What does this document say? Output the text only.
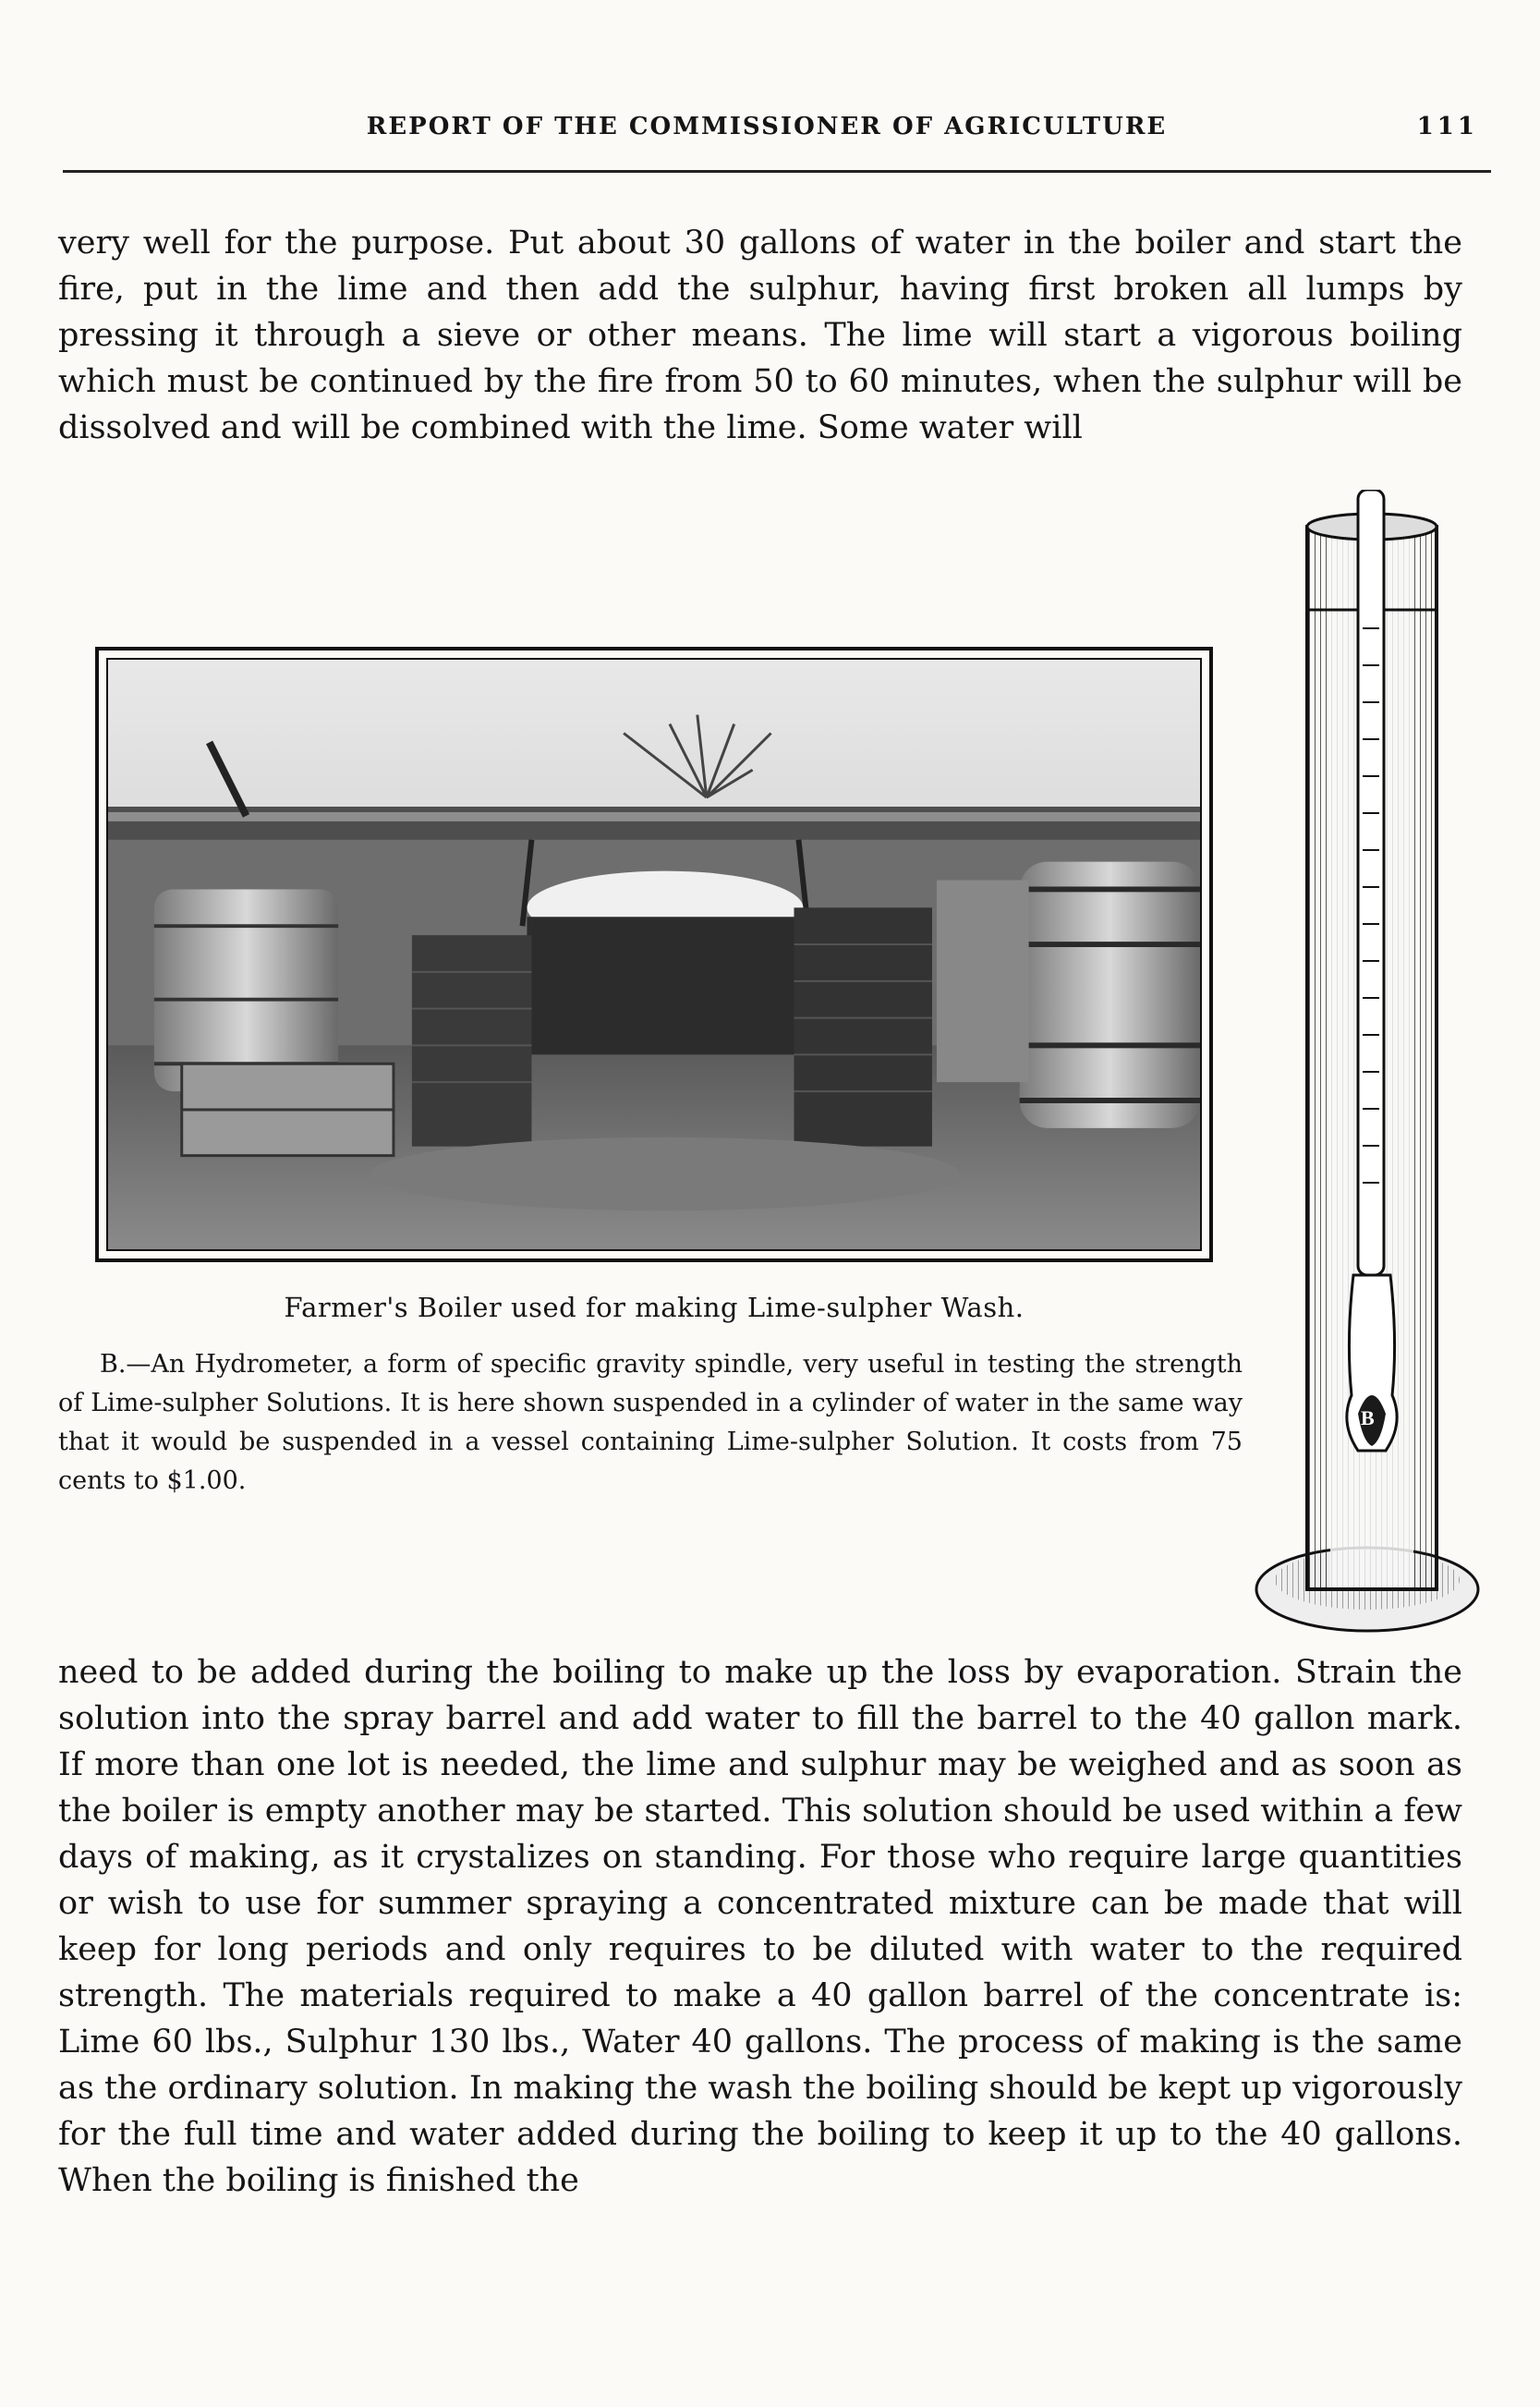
REPORT OF THE COMMISSIONER OF AGRICULTURE	111

very well for the purpose. Put about 30 gallons of water in the boiler and start the fire, put in the lime and then add the sulphur, having first broken all lumps by pressing it through a sieve or other means. The lime will start a vigorous boiling which must be continued by the fire from 50 to 60 minutes, when the sulphur will be dissolved and will be combined with the lime. Some water will

Farmer's Boiler used for making Lime-sulpher Wash.

B.—An Hydrometer, a form of specific gravity spindle, very useful in testing the strength of Lime-sulpher Solutions. It is here shown suspended in a cylinder of water in the same way that it would be suspended in a vessel containing Lime-sulpher Solution. It costs from 75 cents to $1.00.

B

need to be added during the boiling to make up the loss by evaporation. Strain the solution into the spray barrel and add water to fill the barrel to the 40 gallon mark. If more than one lot is needed, the lime and sulphur may be weighed and as soon as the boiler is empty another may be started. This solution should be used within a few days of making, as it crystalizes on standing. For those who require large quantities or wish to use for summer spraying a concentrated mixture can be made that will keep for long periods and only requires to be diluted with water to the required strength. The materials required to make a 40 gallon barrel of the concentrate is: Lime 60 lbs., Sulphur 130 lbs., Water 40 gallons. The process of making is the same as the ordinary solution. In making the wash the boiling should be kept up vigorously for the full time and water added during the boiling to keep it up to the 40 gallons. When the boiling is finished the
